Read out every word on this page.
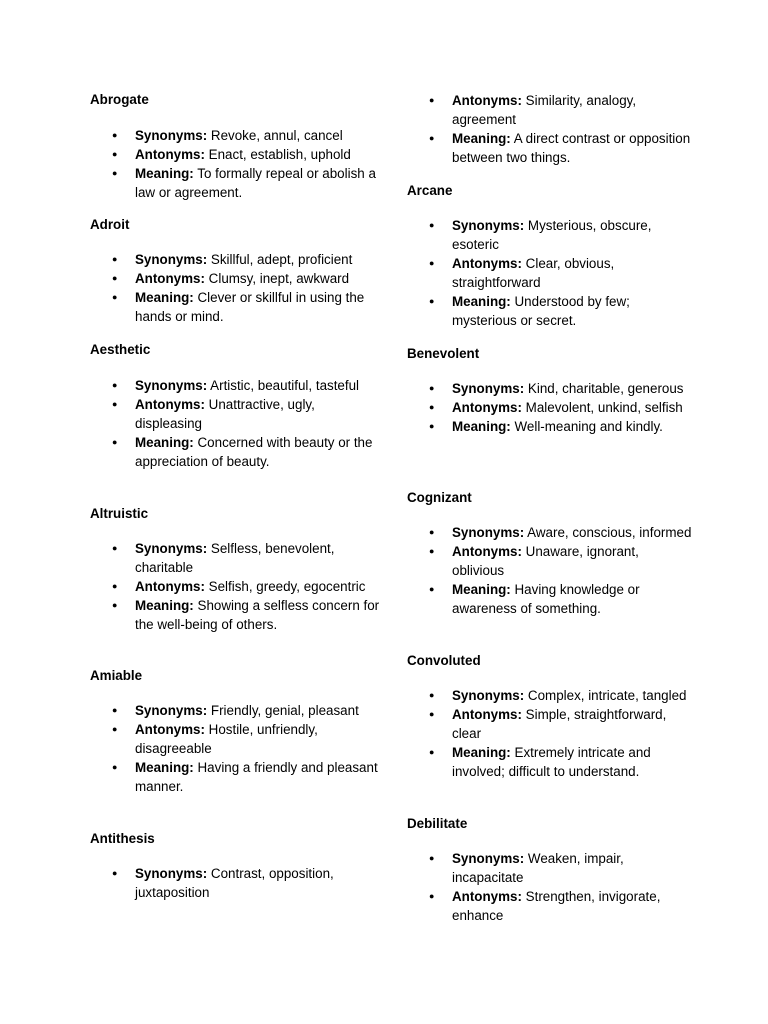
Abrogate
● Synonyms: Revoke, annul, cancel
● Antonyms: Enact, establish, uphold
● Meaning: To formally repeal or abolish a law or agreement.
Adroit
● Synonyms: Skillful, adept, proficient
● Antonyms: Clumsy, inept, awkward
● Meaning: Clever or skillful in using the hands or mind.
Aesthetic
● Synonyms: Artistic, beautiful, tasteful
● Antonyms: Unattractive, ugly, displeasing
● Meaning: Concerned with beauty or the appreciation of beauty.
Altruistic
● Synonyms: Selfless, benevolent, charitable
● Antonyms: Selfish, greedy, egocentric
● Meaning: Showing a selfless concern for the well-being of others.
Amiable
● Synonyms: Friendly, genial, pleasant
● Antonyms: Hostile, unfriendly, disagreeable
● Meaning: Having a friendly and pleasant manner.
Antithesis
● Synonyms: Contrast, opposition, juxtaposition
● Antonyms: Similarity, analogy, agreement
● Meaning: A direct contrast or opposition between two things.
Arcane
● Synonyms: Mysterious, obscure, esoteric
● Antonyms: Clear, obvious, straightforward
● Meaning: Understood by few; mysterious or secret.
Benevolent
● Synonyms: Kind, charitable, generous
● Antonyms: Malevolent, unkind, selfish
● Meaning: Well-meaning and kindly.
Cognizant
● Synonyms: Aware, conscious, informed
● Antonyms: Unaware, ignorant, oblivious
● Meaning: Having knowledge or awareness of something.
Convoluted
● Synonyms: Complex, intricate, tangled
● Antonyms: Simple, straightforward, clear
● Meaning: Extremely intricate and involved; difficult to understand.
Debilitate
● Synonyms: Weaken, impair, incapacitate
● Antonyms: Strengthen, invigorate, enhance
